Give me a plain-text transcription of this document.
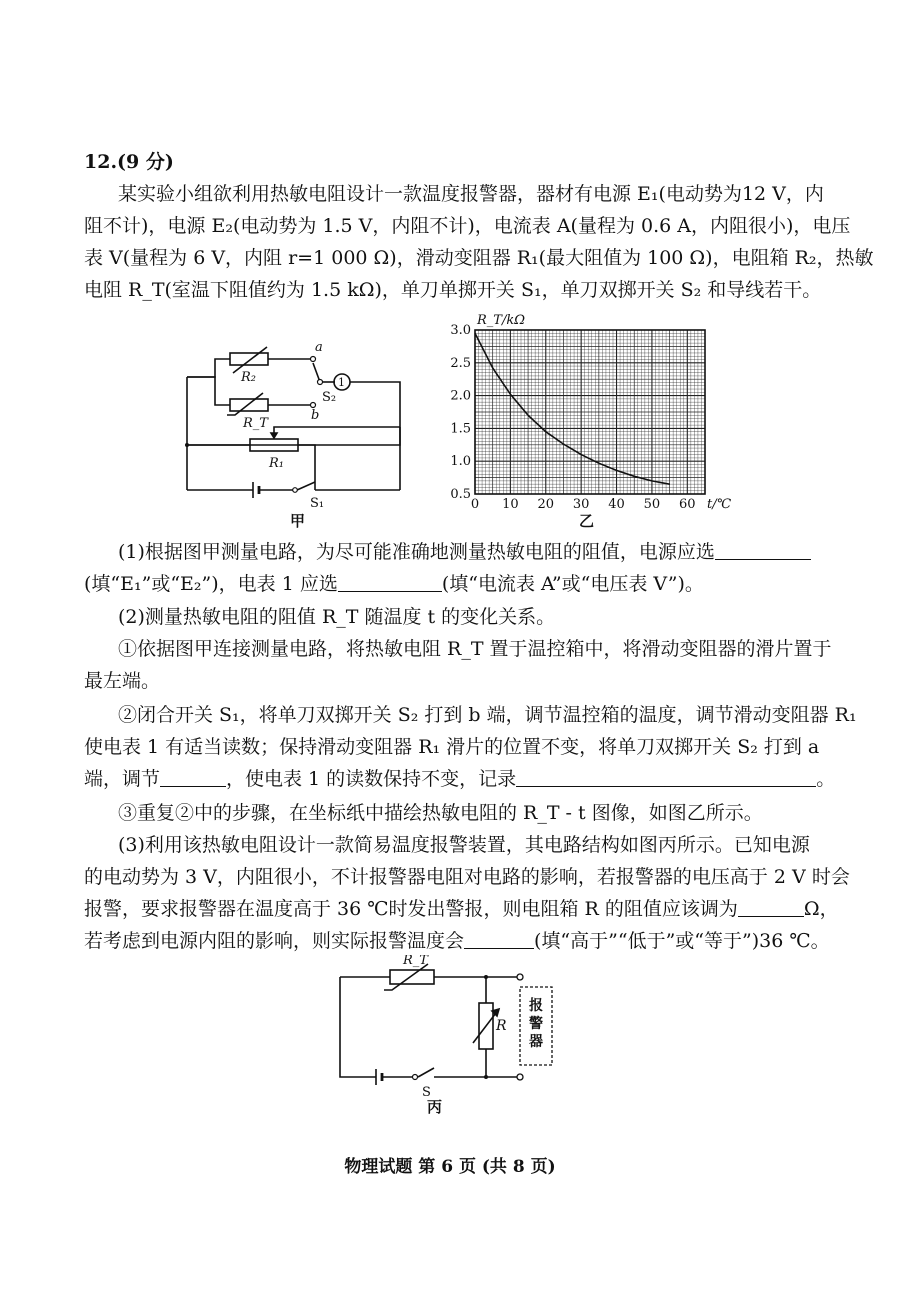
12.(9 分)
某实验小组欲利用热敏电阻设计一款温度报警器，器材有电源 E₁(电动势为12 V，内
阻不计)，电源 E₂(电动势为 1.5 V，内阻不计)，电流表 A(量程为 0.6 A，内阻很小)，电压
表 V(量程为 6 V，内阻 r=1 000 Ω)，滑动变阻器 R₁(最大阻值为 100 Ω)，电阻箱 R₂，热敏
电阻 R_T(室温下阻值约为 1.5 kΩ)，单刀单掷开关 S₁，单刀双掷开关 S₂ 和导线若干。
R₂
R_T
R₁
S₂
a
b
1
S₁
甲
0 10 20 30 40 50 60
0.5
1.0
1.5
2.0
2.5
3.0
R_T/kΩ
t/℃
乙
(1)根据图甲测量电路，为尽可能准确地测量热敏电阻的阻值，电源应选
(填“E₁”或“E₂”)，电表 1 应选	(填“电流表 A”或“电压表 V”)。
(2)测量热敏电阻的阻值 R_T 随温度 t 的变化关系。
①依据图甲连接测量电路，将热敏电阻 R_T 置于温控箱中，将滑动变阻器的滑片置于
最左端。
②闭合开关 S₁，将单刀双掷开关 S₂ 打到 b 端，调节温控箱的温度，调节滑动变阻器 R₁
使电表 1 有适当读数；保持滑动变阻器 R₁ 滑片的位置不变，将单刀双掷开关 S₂ 打到 a
端，调节	，使电表 1 的读数保持不变，记录	。
③重复②中的步骤，在坐标纸中描绘热敏电阻的 R_T - t 图像，如图乙所示。
(3)利用该热敏电阻设计一款简易温度报警装置，其电路结构如图丙所示。已知电源
的电动势为 3 V，内阻很小，不计报警器电阻对电路的影响，若报警器的电压高于 2 V 时会
报警，要求报警器在温度高于 36 ℃时发出警报，则电阻箱 R 的阻值应该调为	Ω，
若考虑到电源内阻的影响，则实际报警温度会	(填“高于”“低于”或“等于”)36 ℃。
R_T
R
S
报警器
丙
物理试题 第 6 页 (共 8 页)
